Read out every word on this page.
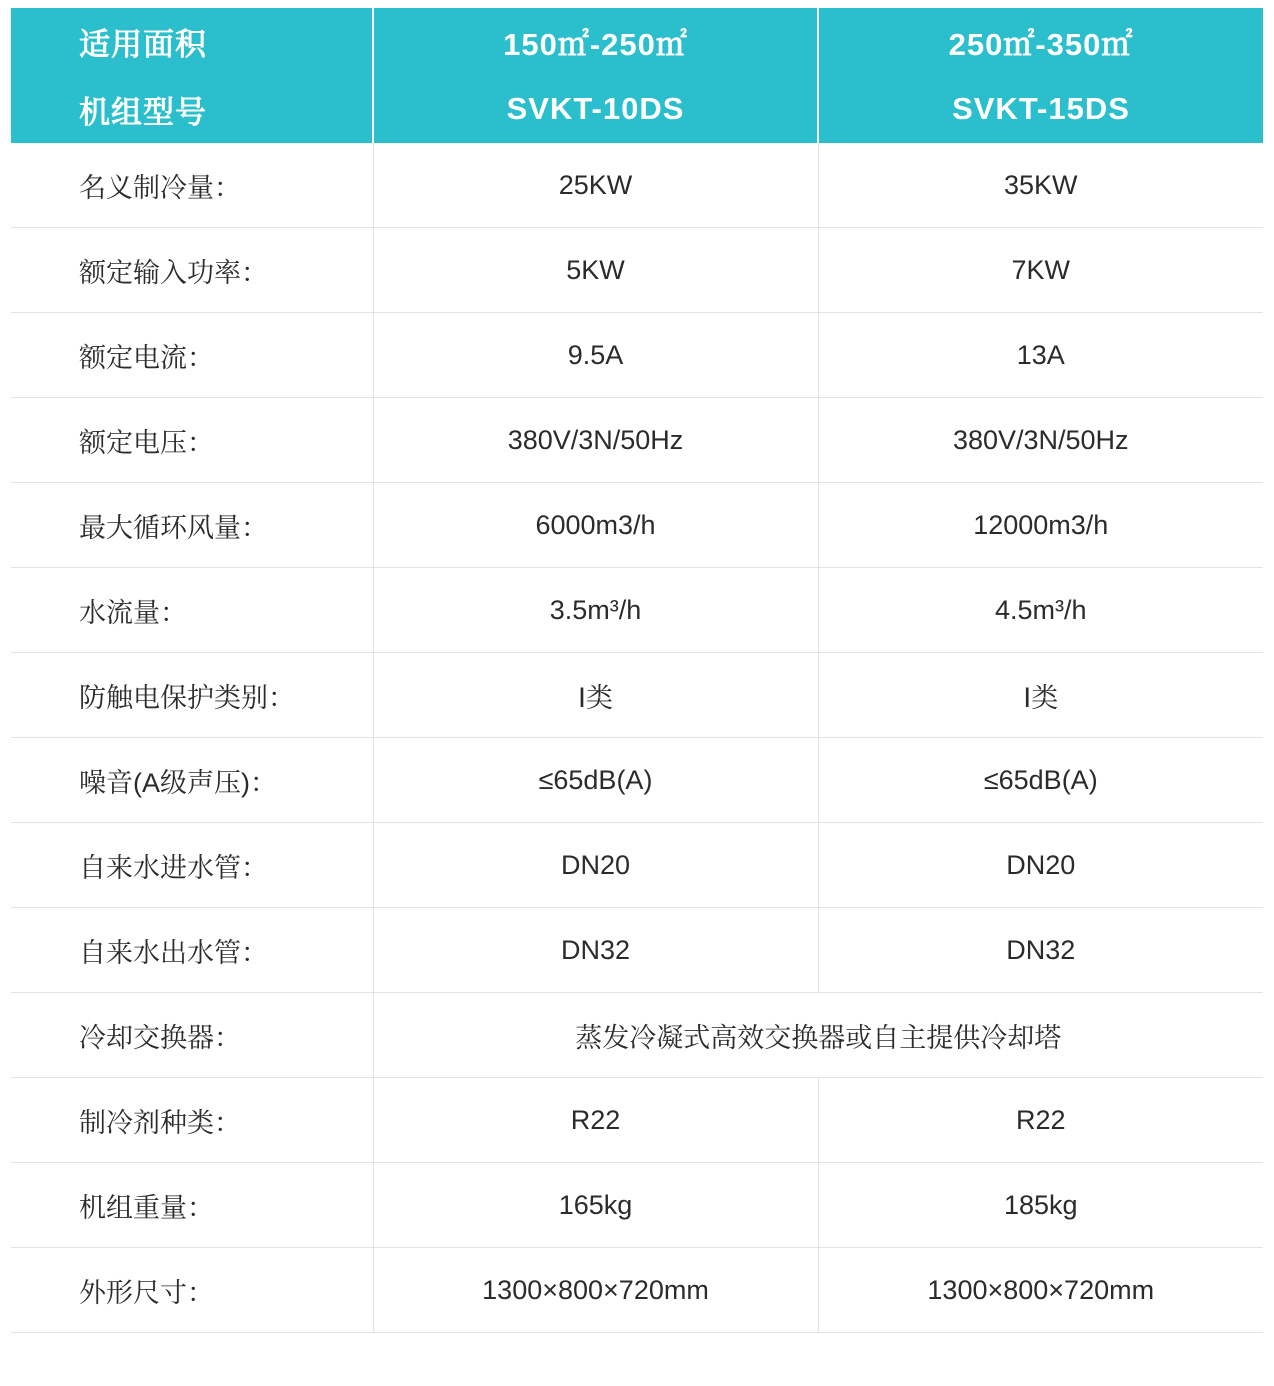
适用面积	150㎡-250㎡	250㎡-350㎡
机组型号	SVKT-10DS	SVKT-15DS
名义制冷量：	25KW	35KW
额定输入功率：	5KW	7KW
额定电流：	9.5A	13A
额定电压：	380V/3N/50Hz	380V/3N/50Hz
最大循环风量：	6000m3/h	12000m3/h
水流量：	3.5m³/h	4.5m³/h
防触电保护类别：	Ⅰ类	Ⅰ类
噪音(A级声压)：	≤65dB(A)	≤65dB(A)
自来水进水管：	DN20	DN20
自来水出水管：	DN32	DN32
冷却交换器：	蒸发冷凝式高效交换器或自主提供冷却塔	
制冷剂种类：	R22	R22
机组重量：	165kg	185kg
外形尺寸：	1300×800×720mm	1300×800×720mm
